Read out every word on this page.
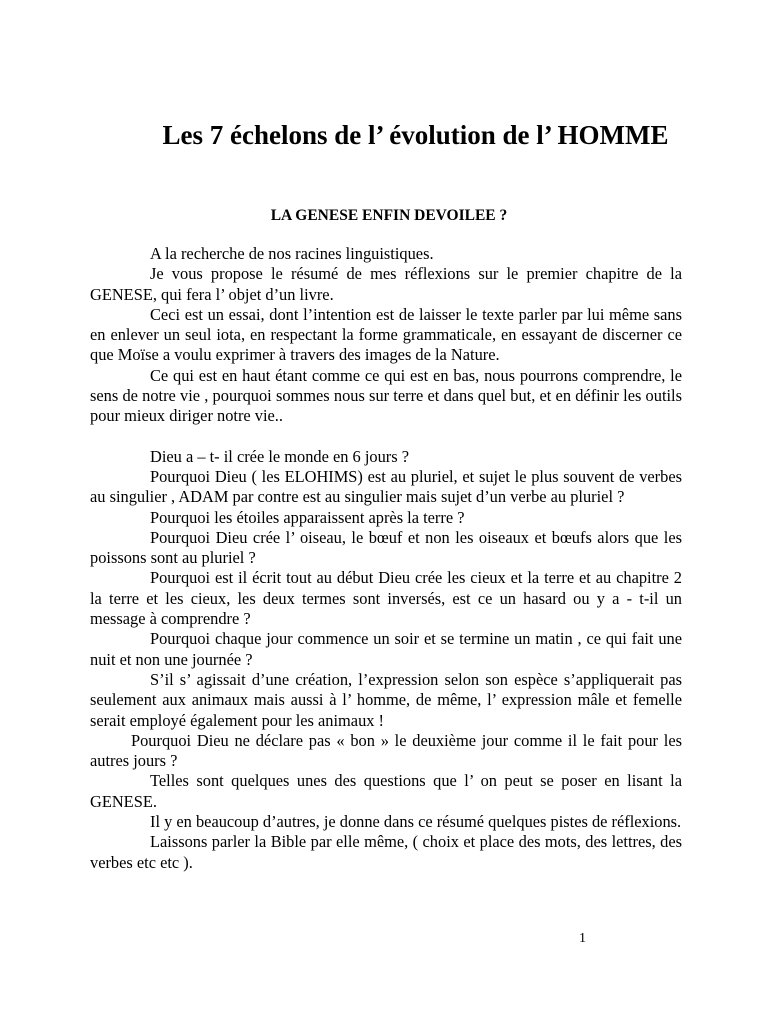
Les 7 échelons de l’ évolution de l’ HOMME
LA GENESE ENFIN DEVOILEE ?

A la recherche de nos racines linguistiques.

Je vous propose le résumé de mes réflexions sur le premier chapitre de la GENESE, qui fera l’ objet d’un livre.

Ceci est un essai, dont l’intention est de laisser le texte parler par lui même sans en enlever un seul iota, en respectant la forme grammaticale, en essayant de discerner ce que Moïse a voulu exprimer à travers des images de la Nature.

Ce qui est en haut étant comme ce qui est en bas, nous pourrons comprendre, le sens de notre vie , pourquoi sommes nous sur terre et dans quel but, et en définir les outils pour mieux diriger notre vie..

Dieu a – t- il crée le monde en 6 jours ?

Pourquoi Dieu ( les ELOHIMS) est au pluriel, et sujet le plus souvent de verbes au singulier , ADAM par contre est au singulier mais sujet d’un verbe au pluriel ?

Pourquoi les étoiles apparaissent après la terre ?

Pourquoi Dieu crée l’ oiseau, le bœuf et non les oiseaux et bœufs alors que les poissons sont au pluriel ?

Pourquoi est il écrit tout au début Dieu crée les cieux et la terre et au chapitre 2 la terre et les cieux, les deux termes sont inversés, est ce un hasard ou y a - t-il un message à comprendre ?

Pourquoi chaque jour commence un soir et se termine un matin , ce qui fait une nuit et non une journée ?

S’il s’ agissait d’une création, l’expression selon son espèce s’appliquerait pas seulement aux animaux mais aussi à l’ homme, de même, l’ expression mâle et femelle serait employé également pour les animaux !

Pourquoi Dieu ne déclare pas « bon » le deuxième jour comme il le fait pour les autres jours ?

Telles sont quelques unes des questions que l’ on peut se poser en lisant la GENESE.

Il y en beaucoup d’autres, je donne dans ce résumé quelques pistes de réflexions.

Laissons parler la Bible par elle même, ( choix et place des mots, des lettres, des verbes etc etc ).

1
